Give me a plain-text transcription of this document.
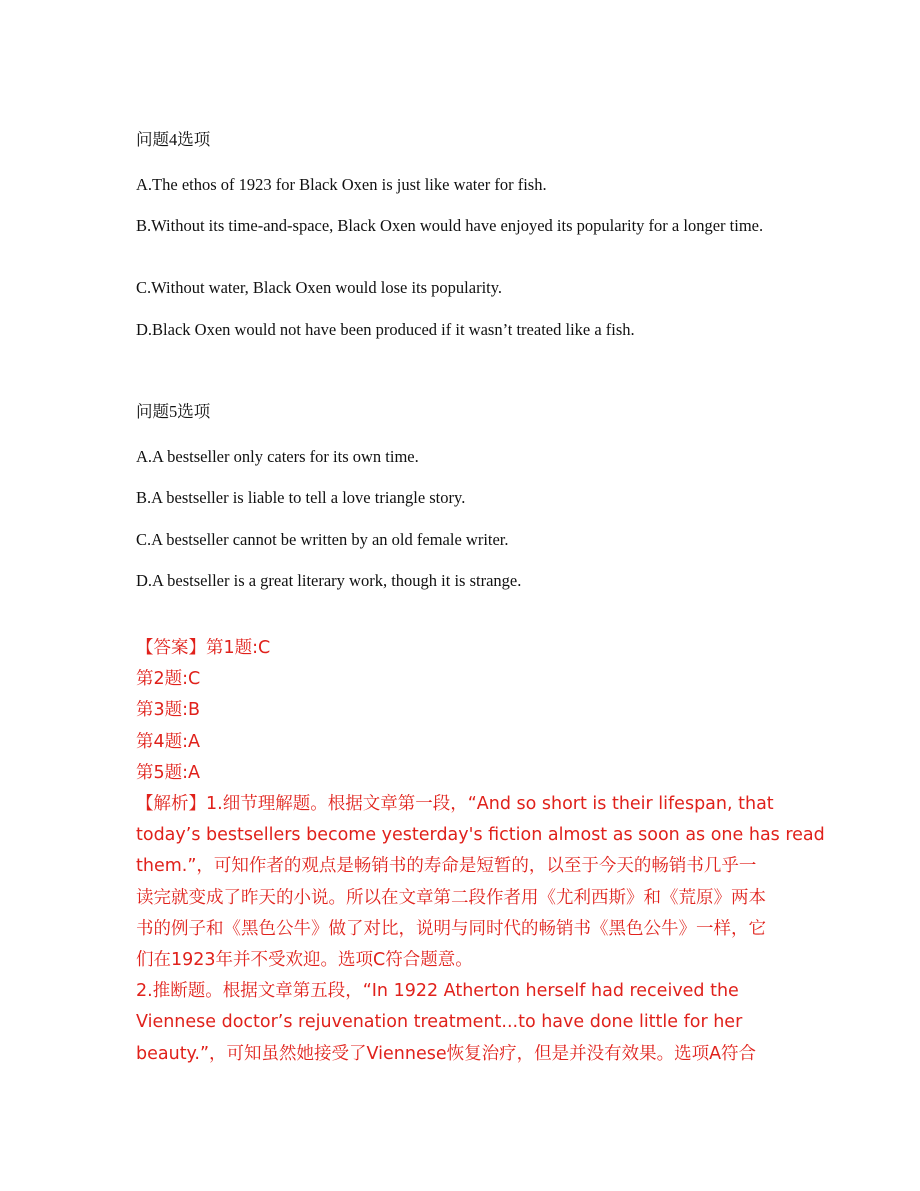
问题4选项
A.The ethos of 1923 for Black Oxen is just like water for fish.
B.Without its time-and-space, Black Oxen would have enjoyed its popularity for a longer time.
C.Without water, Black Oxen would lose its popularity.
D.Black Oxen would not have been produced if it wasn’t treated like a fish.
问题5选项
A.A bestseller only caters for its own time.
B.A bestseller is liable to tell a love triangle story.
C.A bestseller cannot be written by an old female writer.
D.A bestseller is a great literary work, though it is strange.
【答案】第1题:C
第2题:C
第3题:B
第4题:A
第5题:A
【解析】1.细节理解题。根据文章第一段，“And so short is their lifespan, that
today’s bestsellers become yesterday's fiction almost as soon as one has read
them.”，可知作者的观点是畅销书的寿命是短暂的，以至于今天的畅销书几乎一
读完就变成了昨天的小说。所以在文章第二段作者用《尤利西斯》和《荒原》两本
书的例子和《黑色公牛》做了对比，说明与同时代的畅销书《黑色公牛》一样，它
们在1923年并不受欢迎。选项C符合题意。
2.推断题。根据文章第五段，“In 1922 Atherton herself had received the
Viennese doctor’s rejuvenation treatment...to have done little for her
beauty.”，可知虽然她接受了Viennese恢复治疗，但是并没有效果。选项A符合
